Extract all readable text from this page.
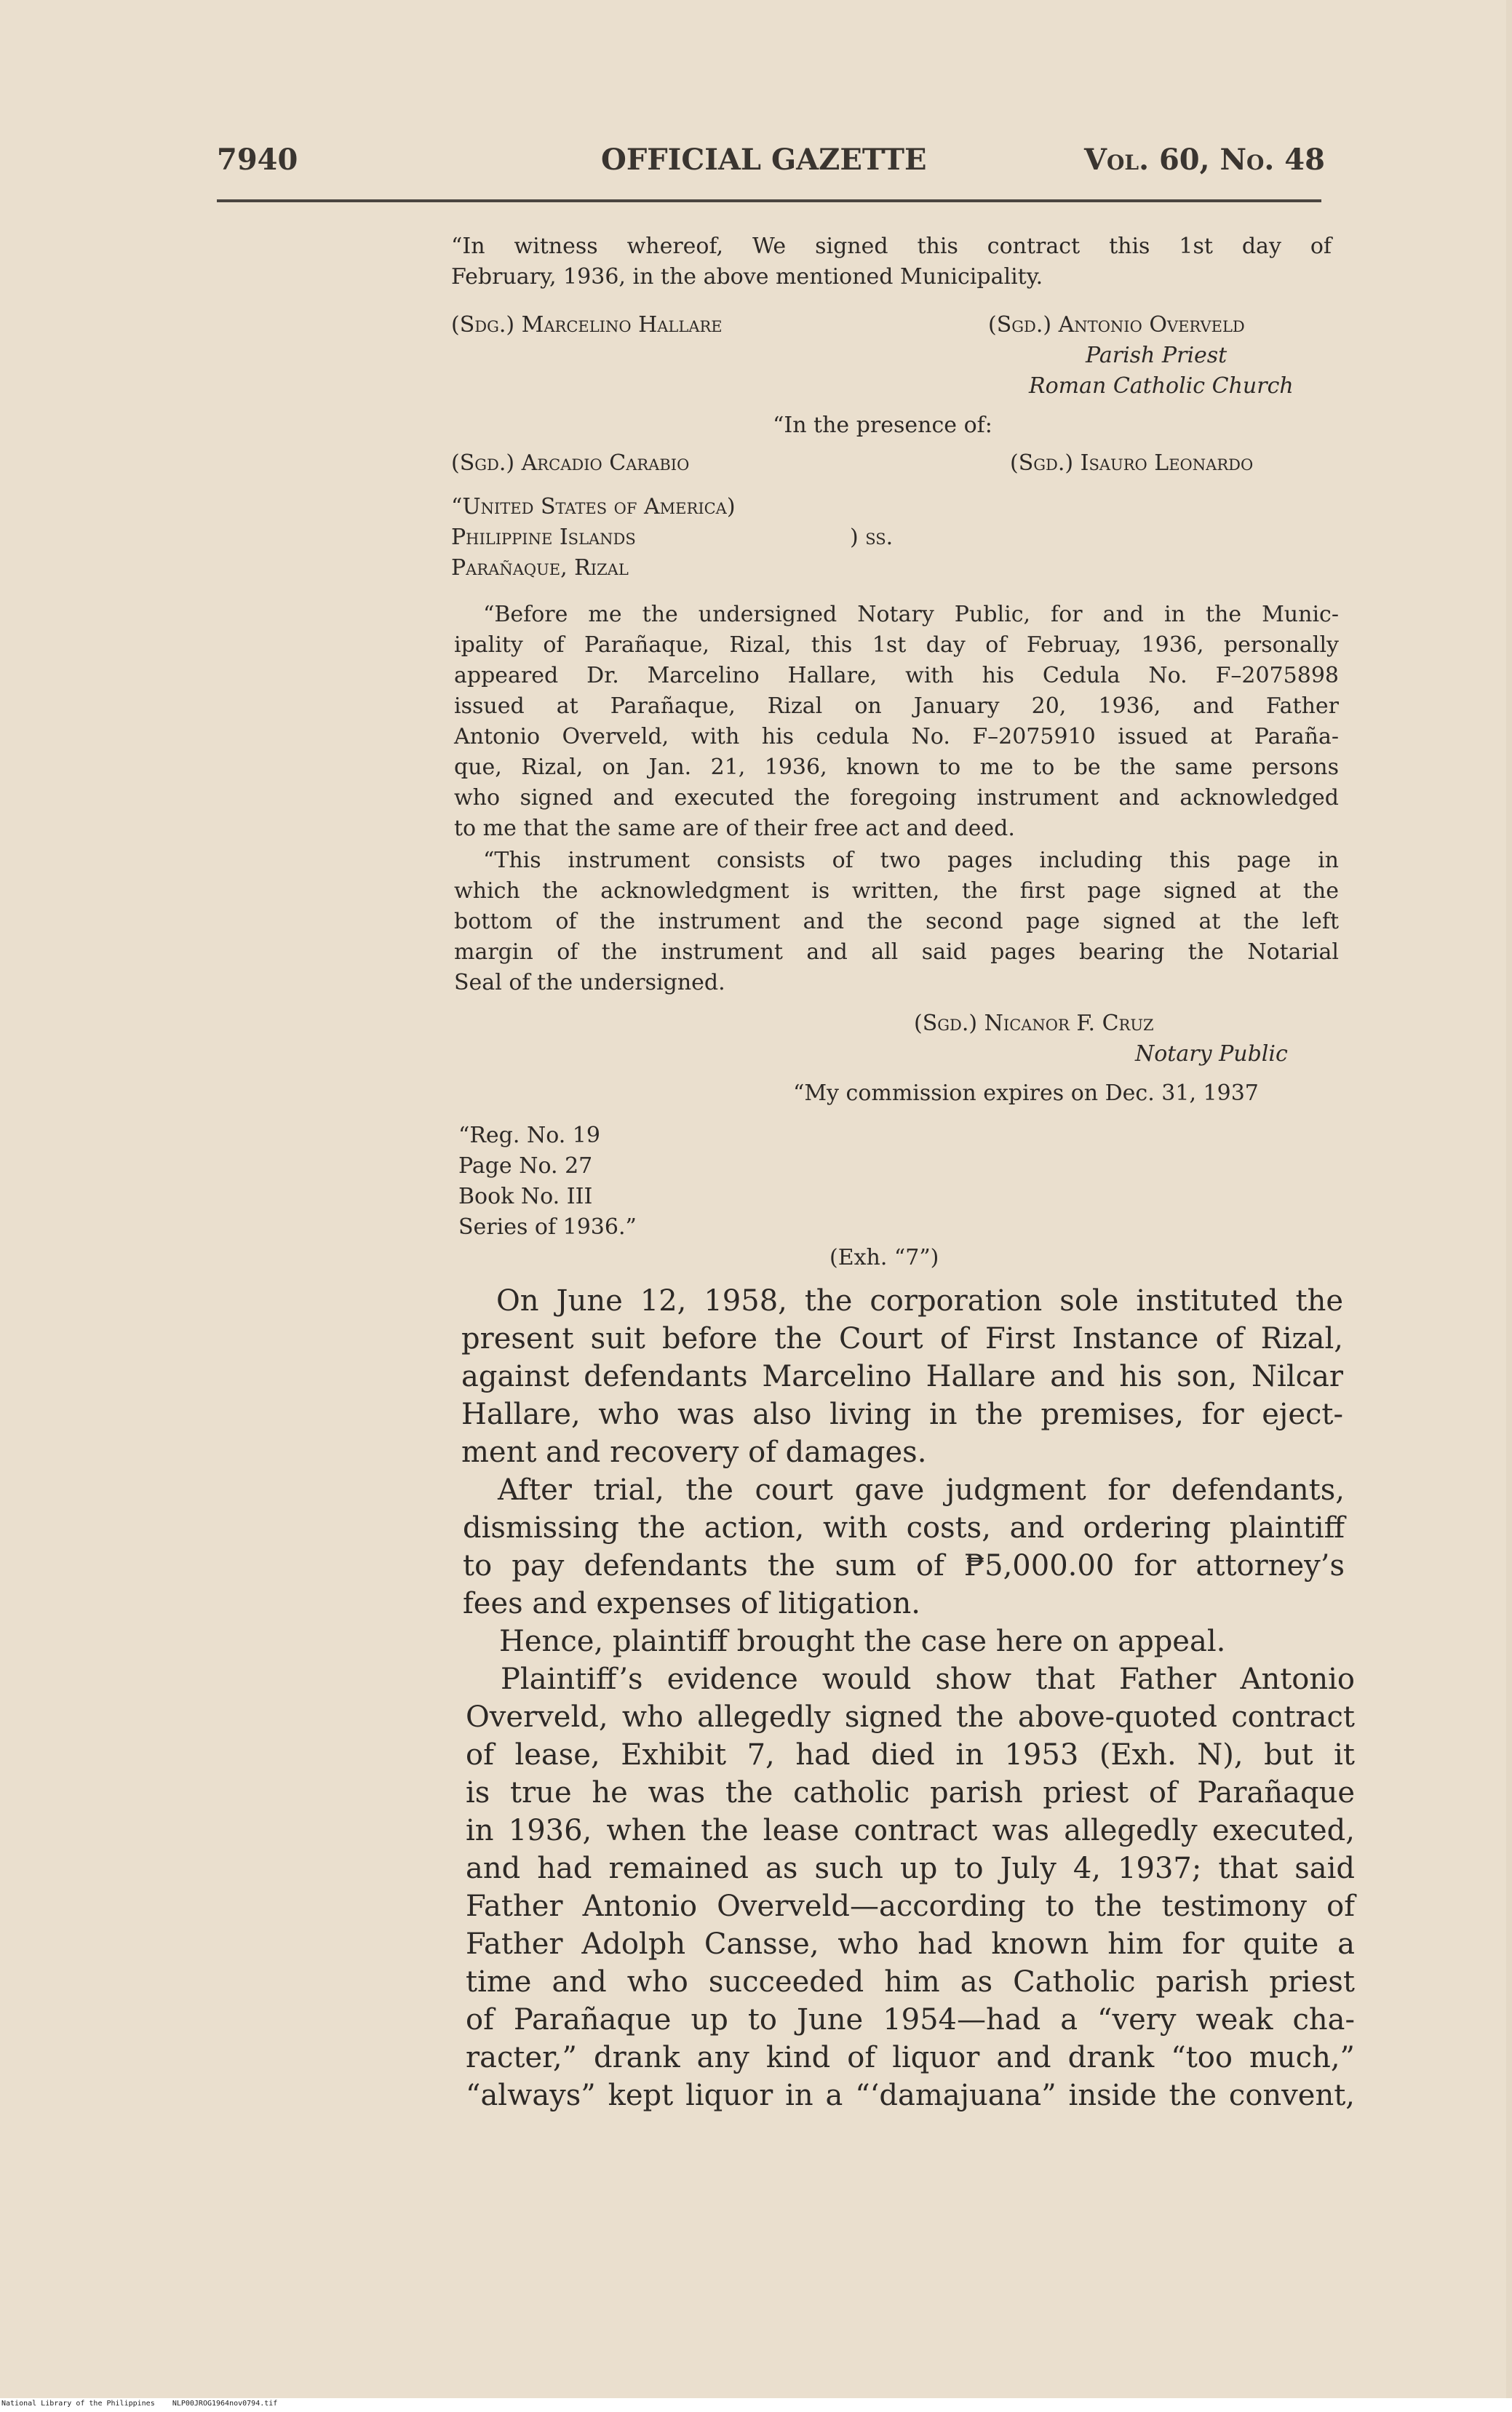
7940	OFFICIAL GAZETTE	Vol. 60, No. 48
“In witness whereof, We signed this contract this 1st day of
February, 1936, in the above mentioned Municipality.
(Sdg.) Marcelino Hallare	(Sgd.) Antonio Overveld
Parish Priest
Roman Catholic Church
“In the presence of:
(Sgd.) Arcadio Carabio	(Sgd.) Isauro Leonardo
“United States of America)
Philippine Islands	) ss.
Parañaque, Rizal
“Before me the undersigned Notary Public, for and in the Munic-
ipality of Parañaque, Rizal, this 1st day of Februay, 1936, personally
appeared Dr. Marcelino Hallare, with his Cedula No. F–2075898
issued at Parañaque, Rizal on January 20, 1936, and Father
Antonio Overveld, with his cedula No. F–2075910 issued at Paraña-
que, Rizal, on Jan. 21, 1936, known to me to be the same persons
who signed and executed the foregoing instrument and acknowledged
to me that the same are of their free act and deed.
“This instrument consists of two pages including this page in
which the acknowledgment is written, the first page signed at the
bottom of the instrument and the second page signed at the left
margin of the instrument and all said pages bearing the Notarial
Seal of the undersigned.
(Sgd.) Nicanor F. Cruz
Notary Public
“My commission expires on Dec. 31, 1937
“Reg. No. 19
Page No. 27
Book No. III
Series of 1936.”
(Exh. “7”)
On June 12, 1958, the corporation sole instituted the
present suit before the Court of First Instance of Rizal,
against defendants Marcelino Hallare and his son, Nilcar
Hallare, who was also living in the premises, for eject-
ment and recovery of damages.
After trial, the court gave judgment for defendants,
dismissing the action, with costs, and ordering plaintiff
to pay defendants the sum of ₱5,000.00 for attorney’s
fees and expenses of litigation.
Hence, plaintiff brought the case here on appeal.
Plaintiff’s evidence would show that Father Antonio
Overveld, who allegedly signed the above-quoted contract
of lease, Exhibit 7, had died in 1953 (Exh. N), but it
is true he was the catholic parish priest of Parañaque
in 1936, when the lease contract was allegedly executed,
and had remained as such up to July 4, 1937; that said
Father Antonio Overveld—according to the testimony of
Father Adolph Cansse, who had known him for quite a
time and who succeeded him as Catholic parish priest
of Parañaque up to June 1954—had a “very weak cha-
racter,” drank any kind of liquor and drank “too much,”
“always” kept liquor in a “‘damajuana” inside the convent,
National Library of the Philippines NLP00JROG1964nov0794.tif
